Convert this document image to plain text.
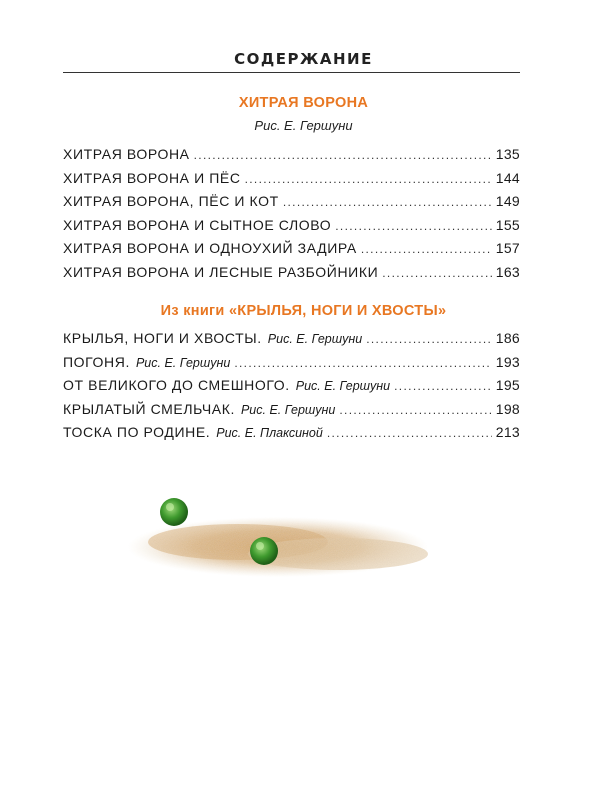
СОДЕРЖАНИЕ
ХИТРАЯ ВОРОНА
Рис. Е. Гершуни
ХИТРАЯ ВОРОНА . . .	135
ХИТРАЯ ВОРОНА И ПЁС . . .	144
ХИТРАЯ ВОРОНА, ПЁС И КОТ . . .	149
ХИТРАЯ ВОРОНА И СЫТНОЕ СЛОВО . . .	155
ХИТРАЯ ВОРОНА И ОДНОУХИЙ ЗАДИРА . . .	157
ХИТРАЯ ВОРОНА И ЛЕСНЫЕ РАЗБОЙНИКИ . . .	163
Из книги «КРЫЛЬЯ, НОГИ И ХВОСТЫ»
КРЫЛЬЯ, НОГИ И ХВОСТЫ. Рис. Е. Гершуни . . .	186
ПОГОНЯ. Рис. Е. Гершуни . . .	193
ОТ ВЕЛИКОГО ДО СМЕШНОГО. Рис. Е. Гершуни . . .	195
КРЫЛАТЫЙ СМЕЛЬЧАК. Рис. Е. Гершуни . . .	198
ТОСКА ПО РОДИНЕ. Рис. Е. Плаксиной . . .	213
